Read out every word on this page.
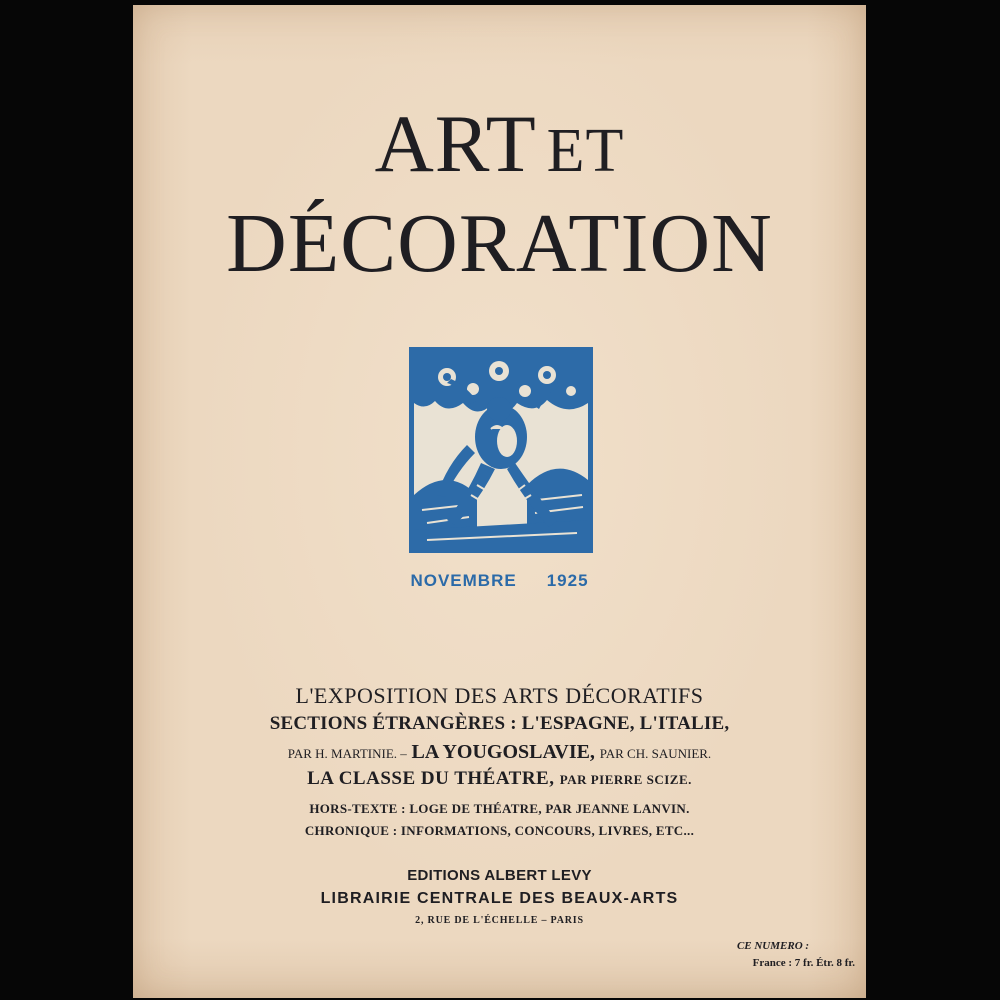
ART ET
DÉCORATION
NOVEMBRE 1925
L'EXPOSITION DES ARTS DÉCORATIFS
SECTIONS ÉTRANGÈRES : L'ESPAGNE, L'ITALIE,
PAR H. MARTINIE. – LA YOUGOSLAVIE, PAR CH. SAUNIER.
LA CLASSE DU THÉATRE, PAR PIERRE SCIZE.
HORS-TEXTE : LOGE DE THÉATRE, PAR JEANNE LANVIN.
CHRONIQUE : INFORMATIONS, CONCOURS, LIVRES, ETC...
EDITIONS ALBERT LEVY
LIBRAIRIE CENTRALE DES BEAUX-ARTS
2, RUE DE L'ÉCHELLE – PARIS
CE NUMERO :
France : 7 fr. Étr. 8 fr.
